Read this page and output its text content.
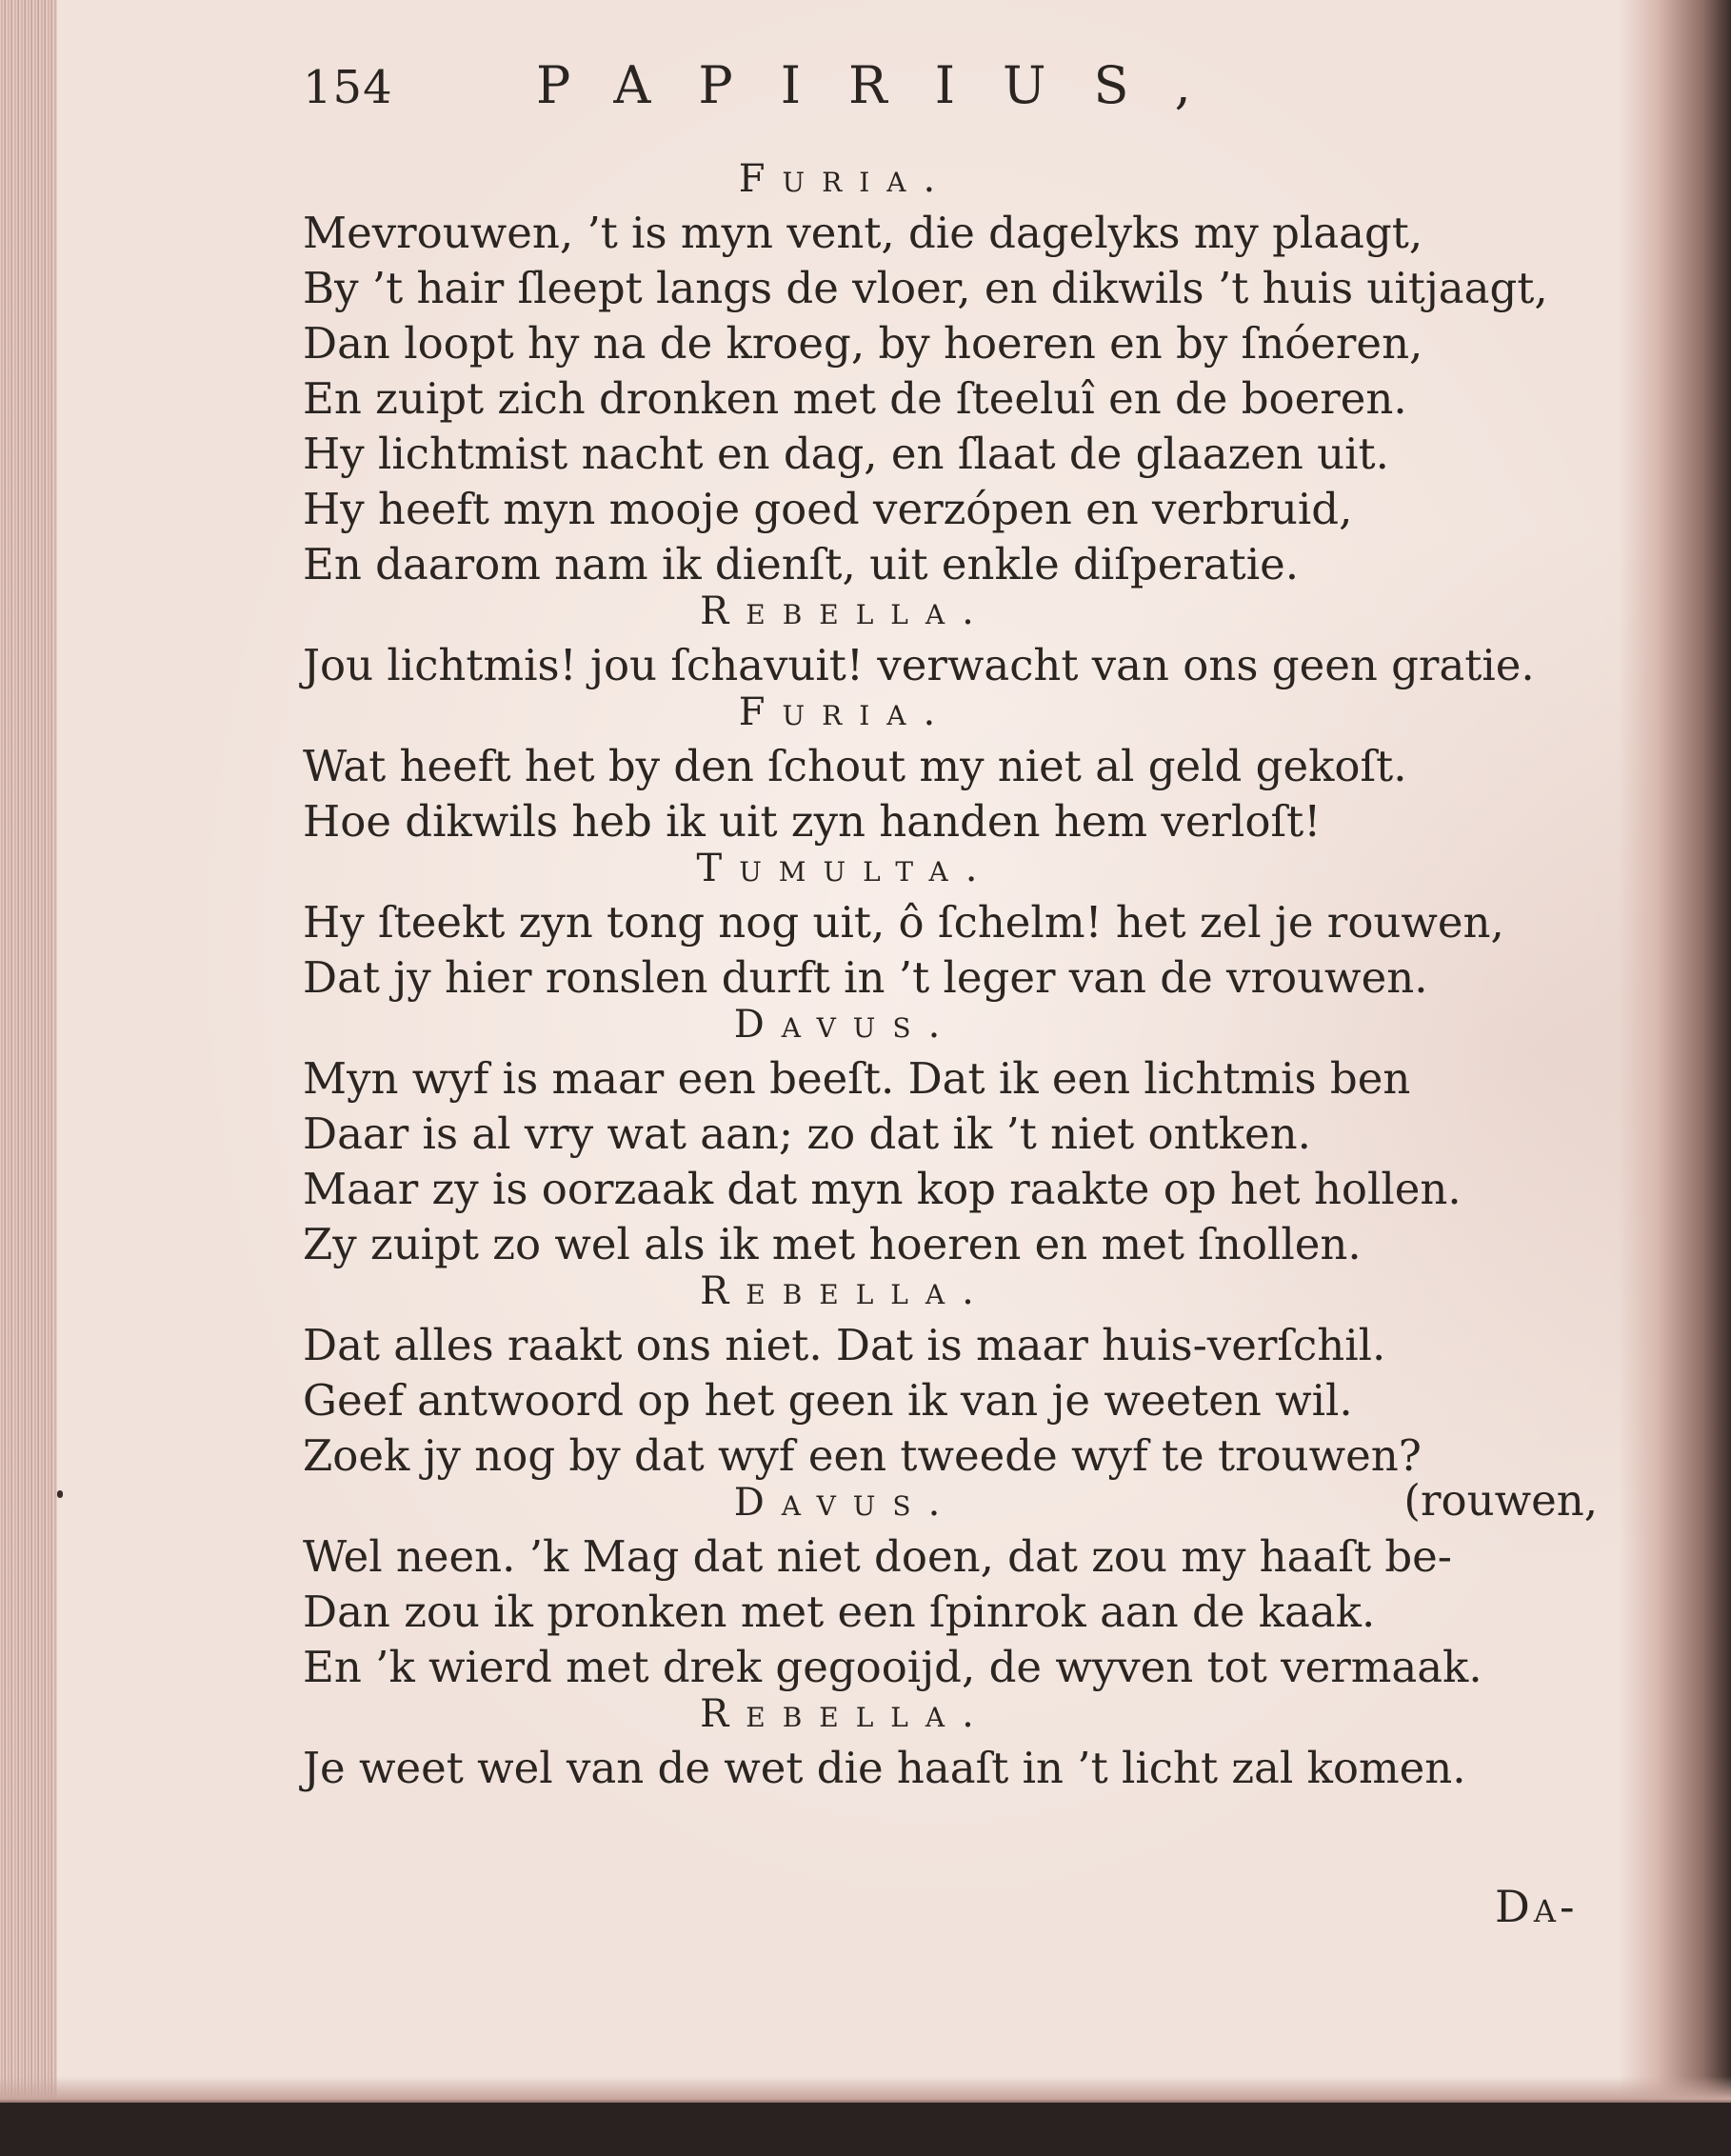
154	PAPIRIUS,
Furia.
Mevrouwen, ’t is myn vent, die dagelyks my plaagt,
By ’t hair ſleept langs de vloer, en dikwils ’t huis uitjaagt,
Dan loopt hy na de kroeg, by hoeren en by ſnóeren,
En zuipt zich dronken met de ſteeluî en de boeren.
Hy lichtmist nacht en dag, en ſlaat de glaazen uit.
Hy heeft myn mooje goed verzópen en verbruid,
En daarom nam ik dienſt, uit enkle diſperatie.
Rebella.
Jou lichtmis! jou ſchavuit! verwacht van ons geen gratie.
Furia.
Wat heeft het by den ſchout my niet al geld gekoſt.
Hoe dikwils heb ik uit zyn handen hem verloſt!
Tumulta.
Hy ſteekt zyn tong nog uit, ô ſchelm! het zel je rouwen,
Dat jy hier ronslen durft in ’t leger van de vrouwen.
Davus.
Myn wyf is maar een beeſt. Dat ik een lichtmis ben
Daar is al vry wat aan; zo dat ik ’t niet ontken.
Maar zy is oorzaak dat myn kop raakte op het hollen.
Zy zuipt zo wel als ik met hoeren en met ſnollen.
Rebella.
Dat alles raakt ons niet. Dat is maar huis-verſchil.
Geef antwoord op het geen ik van je weeten wil.
Zoek jy nog by dat wyf een tweede wyf te trouwen?
Davus.	(rouwen,
Wel neen. ’k Mag dat niet doen, dat zou my haaſt be-
Dan zou ik pronken met een ſpinrok aan de kaak.
En ’k wierd met drek gegooijd, de wyven tot vermaak.
Rebella.
Je weet wel van de wet die haaſt in ’t licht zal komen.
Da-
